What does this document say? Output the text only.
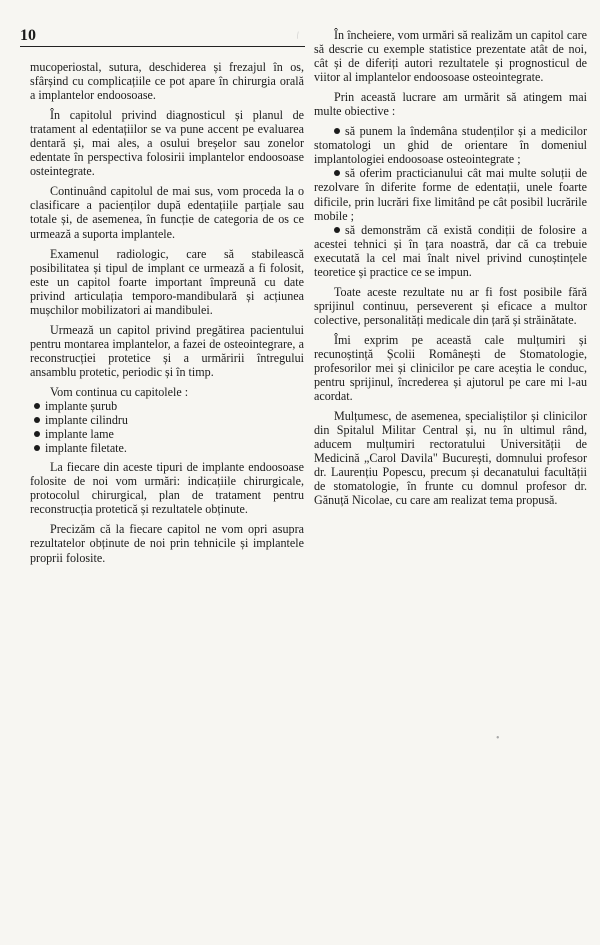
10	⁄

mucoperiostal, sutura, deschiderea și frezajul în os, sfârșind cu complicațiile ce pot apare în chirurgia orală a implantelor endoosoase.

În capitolul privind diagnosticul și planul de tratament al edentațiilor se va pune accent pe evaluarea dentară și, mai ales, a osului breșelor sau zonelor edentate în perspectiva folosirii implantelor endoosoase osteintegrate.

Continuând capitolul de mai sus, vom proceda la o clasificare a pacienților după edentațiile parțiale sau totale și, de asemenea, în funcție de categoria de os ce urmează a suporta implantele.

Examenul radiologic, care să stabilească posibilitatea și tipul de implant ce urmează a fi folosit, este un capitol foarte important împreună cu date privind articulația temporo-mandibulară și acțiunea mușchilor mobilizatori ai mandibulei.

Urmează un capitol privind pregătirea pacientului pentru montarea implantelor, a fazei de osteointegrare, a reconstrucției protetice și a urmăririi întregului ansamblu protetic, periodic și în timp.

Vom continua cu capitolele :

implante șurub
implante cilindru
implante lame
implante filetate.

La fiecare din aceste tipuri de implante endoosoase folosite de noi vom urmări: indicațiile chirurgicale, protocolul chirurgical, plan de tratament pentru reconstrucția protetică și rezultatele obținute.

Precizăm că la fiecare capitol ne vom opri asupra rezultatelor obținute de noi prin tehnicile și implantele proprii folosite.

În încheiere, vom urmări să realizăm un capitol care să descrie cu exemple statistice prezentate atât de noi, cât și de diferiți autori rezultatele și prognosticul de viitor al implantelor endoosoase osteointegrate.

Prin această lucrare am urmărit să atingem mai multe obiective :

să punem la îndemâna studenților și a medicilor stomatologi un ghid de orientare în domeniul implantologiei endoosoase osteointegrate ;

să oferim practicianului cât mai multe soluții de rezolvare în diferite forme de edentații, unele foarte dificile, prin lucrări fixe limitând pe cât posibil lucrările mobile ;

să demonstrăm că există condiții de folosire a acestei tehnici și în țara noastră, dar că ca trebuie executată la cel mai înalt nivel privind cunoștințele teoretice și practice ce se impun.

Toate aceste rezultate nu ar fi fost posibile fără sprijinul continuu, perseverent și eficace a multor colective, personalități medicale din țară și străinătate.

Îmi exprim pe această cale mulțumiri și recunoștință Școlii Românești de Stomatologie, profesorilor mei și clinicilor pe care aceștia le conduc, pentru sprijinul, încrederea și ajutorul pe care mi l-au acordat.

Mulțumesc, de asemenea, specialiștilor și clinicilor din Spitalul Militar Central și, nu în ultimul rând, aducem mulțumiri rectoratului Universității de Medicină „Carol Davila" București, domnului profesor dr. Laurențiu Popescu, precum și decanatului facultății de stomatologie, în frunte cu domnul profesor dr. Gănuță Nicolae, cu care am realizat tema propusă.

•
